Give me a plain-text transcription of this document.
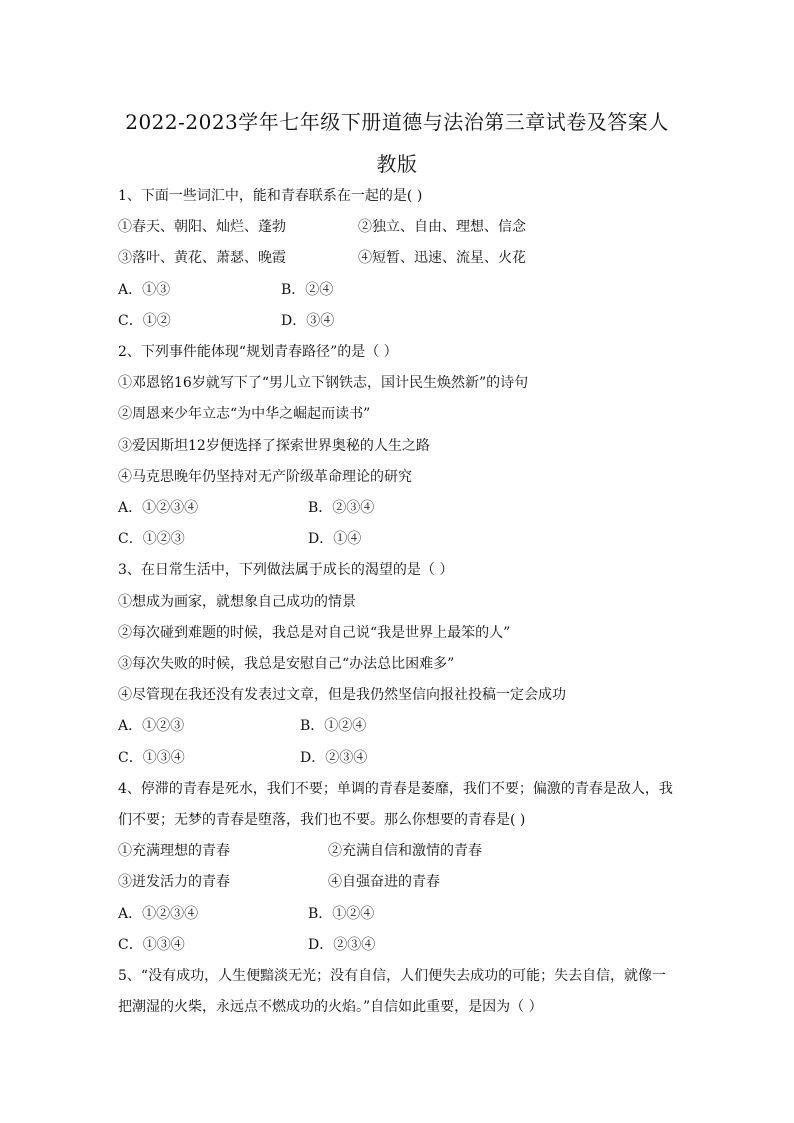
2022-2023学年七年级下册道德与法治第三章试卷及答案人
教版
1、下面一些词汇中，能和青春联系在一起的是( )
①春天、朝阳、灿烂、蓬勃	②独立、自由、理想、信念
③落叶、黄花、萧瑟、晚霞	④短暂、迅速、流星、火花
A．①③	B．②④
C．①②	D．③④
2、下列事件能体现“规划青春路径”的是（ ）
①邓恩铭16岁就写下了“男儿立下钢铁志，国计民生焕然新”的诗句
②周恩来少年立志“为中华之崛起而读书”
③爱因斯坦12岁便选择了探索世界奥秘的人生之路
④马克思晚年仍坚持对无产阶级革命理论的研究
A．①②③④	B．②③④
C．①②③	D．①④
3、在日常生活中，下列做法属于成长的渴望的是（ ）
①想成为画家，就想象自己成功的情景
②每次碰到难题的时候，我总是对自己说“我是世界上最笨的人”
③每次失败的时候，我总是安慰自己“办法总比困难多”
④尽管现在我还没有发表过文章，但是我仍然坚信向报社投稿一定会成功
A．①②③	B．①②④
C．①③④	D．②③④
4、停滞的青春是死水，我们不要；单调的青春是萎靡，我们不要；偏激的青春是敌人，我
们不要；无梦的青春是堕落，我们也不要。那么你想要的青春是( )
①充满理想的青春	②充满自信和激情的青春
③迸发活力的青春	④自强奋进的青春
A．①②③④	B．①②④
C．①③④	D．②③④
5、“没有成功，人生便黯淡无光；没有自信，人们便失去成功的可能；失去自信，就像一
把潮湿的火柴，永远点不燃成功的火焰。”自信如此重要，是因为（ ）
